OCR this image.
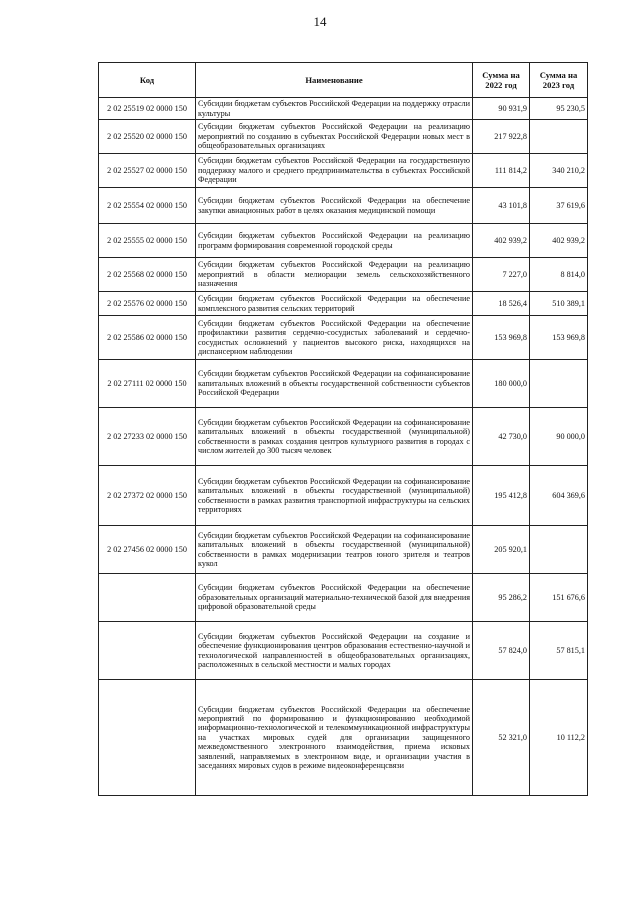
14
Код	Наименование	Сумма на 2022 год	Сумма на 2023 год
2 02 25519 02 0000 150	Субсидии бюджетам субъектов Российской Федерации на поддержку отрасли культуры	90 931,9	95 230,5
2 02 25520 02 0000 150	Субсидии бюджетам субъектов Российской Федерации на реализацию мероприятий по созданию в субъектах Российской Федерации новых мест в общеобразовательных организациях	217 922,8	
2 02 25527 02 0000 150	Субсидии бюджетам субъектов Российской Федерации на государственную поддержку малого и среднего предпринимательства в субъектах Российской Федерации	111 814,2	340 210,2
2 02 25554 02 0000 150	Субсидии бюджетам субъектов Российской Федерации на обеспечение закупки авиационных работ в целях оказания медицинской помощи	43 101,8	37 619,6
2 02 25555 02 0000 150	Субсидии бюджетам субъектов Российской Федерации на реализацию программ формирования современной городской среды	402 939,2	402 939,2
2 02 25568 02 0000 150	Субсидии бюджетам субъектов Российской Федерации на реализацию мероприятий в области мелиорации земель сельскохозяйственного назначения	7 227,0	8 814,0
2 02 25576 02 0000 150	Субсидии бюджетам субъектов Российской Федерации на обеспечение комплексного развития сельских территорий	18 526,4	510 389,1
2 02 25586 02 0000 150	Субсидии бюджетам субъектов Российской Федерации на обеспечение профилактики развития сердечно-сосудистых заболеваний и сердечно-сосудистых осложнений у пациентов высокого риска, находящихся на диспансерном наблюдении	153 969,8	153 969,8
2 02 27111 02 0000 150	Субсидии бюджетам субъектов Российской Федерации на софинансирование капитальных вложений в объекты государственной собственности субъектов Российской Федерации	180 000,0	
2 02 27233 02 0000 150	Субсидии бюджетам субъектов Российской Федерации на софинансирование капитальных вложений в объекты государственной (муниципальной) собственности в рамках создания центров культурного развития в городах с числом жителей до 300 тысяч человек	42 730,0	90 000,0
2 02 27372 02 0000 150	Субсидии бюджетам субъектов Российской Федерации на софинансирование капитальных вложений в объекты государственной (муниципальной) собственности в рамках развития транспортной инфраструктуры на сельских территориях	195 412,8	604 369,6
2 02 27456 02 0000 150	Субсидии бюджетам субъектов Российской Федерации на софинансирование капитальных вложений в объекты государственной (муниципальной) собственности в рамках модернизации театров юного зрителя и театров кукол	205 920,1	
	Субсидии бюджетам субъектов Российской Федерации на обеспечение образовательных организаций материально-технической базой для внедрения цифровой образовательной среды	95 286,2	151 676,6
	Субсидии бюджетам субъектов Российской Федерации на создание и обеспечение функционирования центров образования естественно-научной и технологической направленностей в общеобразовательных организациях, расположенных в сельской местности и малых городах	57 824,0	57 815,1
	Субсидии бюджетам субъектов Российской Федерации на обеспечение мероприятий по формированию и функционированию необходимой информационно-технологической и телекоммуникационной инфраструктуры на участках мировых судей для организации защищенного межведомственного электронного взаимодействия, приема исковых заявлений, направляемых в электронном виде, и организации участия в заседаниях мировых судов в режиме видеоконференцсвязи	52 321,0	10 112,2
